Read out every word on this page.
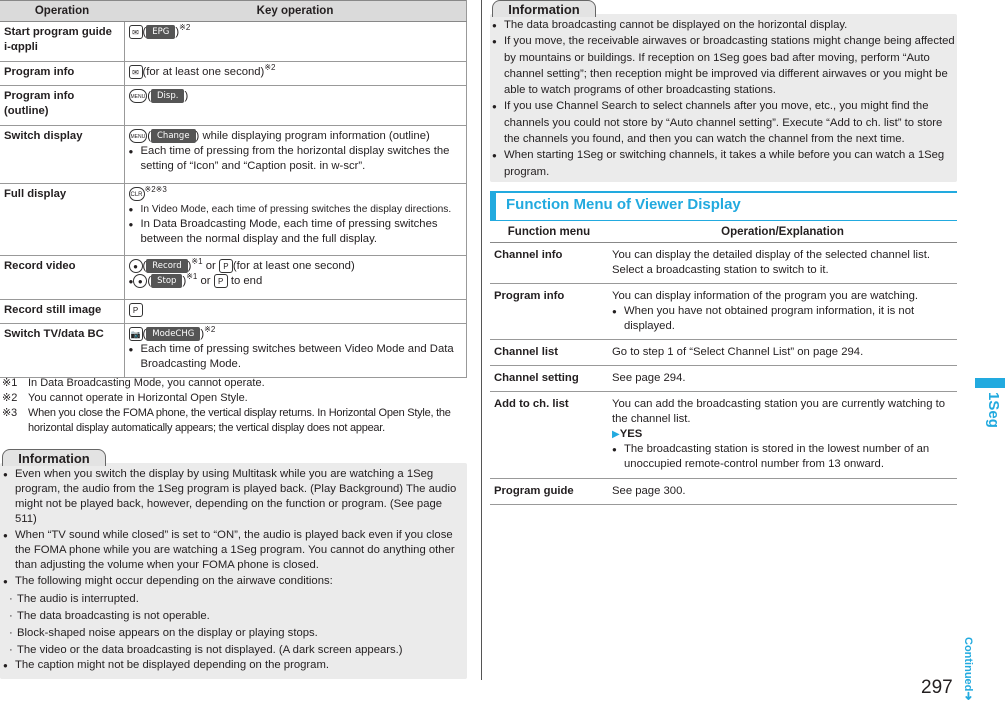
Operation	Key operation
Start program guide i-αppli	✉ ( EPG )$^{※2}$
Program info	✉ (for at least one second)$^{※2}$
Program info (outline)	MENU ( Disp. )
Switch display	MENU ( Change ) while displaying program information (outline)
● Each time of pressing from the horizontal display switches the setting of “Icon” and “Caption posit. in w-scr”.

Full display	$CLR^{※2※3}$
● In Video Mode, each time of pressing switches the display directions.
● In Data Broadcasting Mode, each time of pressing switches between the normal display and the full display.

Record video	● ( Record )$^{※1}$ or P (for at least one second)
● ● ( Stop )$^{※1}$ or P to end
Record still image	P
Switch TV/data BC	📷 ( ModeCHG )$^{※2}$
● Each time of pressing switches between Video Mode and Data Broadcasting Mode.
※1 In Data Broadcasting Mode, you cannot operate.
※2 You cannot operate in Horizontal Open Style.
※3 When you close the FOMA phone, the vertical display returns. In Horizontal Open Style, the horizontal display automatically appears; the vertical display does not appear.
Information
● Even when you switch the display by using Multitask while you are watching a 1Seg program, the audio from the 1Seg program is played back. (Play Background) The audio might not be played back, however, depending on the function or program. (See page 511)
● When “TV sound while closed” is set to “ON”, the audio is played back even if you close the FOMA phone while you are watching a 1Seg program. You cannot do anything other than adjusting the volume when your FOMA phone is closed.
● The following might occur depending on the airwave conditions:
· The audio is interrupted.
· The data broadcasting is not operable.
· Block-shaped noise appears on the display or playing stops.
· The video or the data broadcasting is not displayed. (A dark screen appears.)
● The caption might not be displayed depending on the program.
Information
● The data broadcasting cannot be displayed on the horizontal display.
● If you move, the receivable airwaves or broadcasting stations might change being affected by mountains or buildings. If reception on 1Seg goes bad after moving, perform “Auto channel setting”; then reception might be improved via different airwaves or you might be able to watch programs of other broadcasting stations.
● If you use Channel Search to select channels after you move, etc., you might find the channels you could not store by “Auto channel setting”. Execute “Add to ch. list” to store the channels you found, and then you can watch the channel from the next time.
● When starting 1Seg or switching channels, it takes a while before you can watch a 1Seg program.
Function Menu of Viewer Display
Function menu	Operation/Explanation
Channel info	You can display the detailed display of the selected channel list. Select a broadcasting station to switch to it.
Program info	You can display information of the program you are watching.
● When you have not obtained program information, it is not displayed.

Channel list	Go to step 1 of “Select Channel List” on page 294.
Channel setting	See page 294.
Add to ch. list	You can add the broadcasting station you are currently watching to the channel list.
▶YES
● The broadcasting station is stored in the lowest number of an unoccupied remote-control number from 13 onward.

Program guide	See page 300.
1Seg
Continued➜
297
